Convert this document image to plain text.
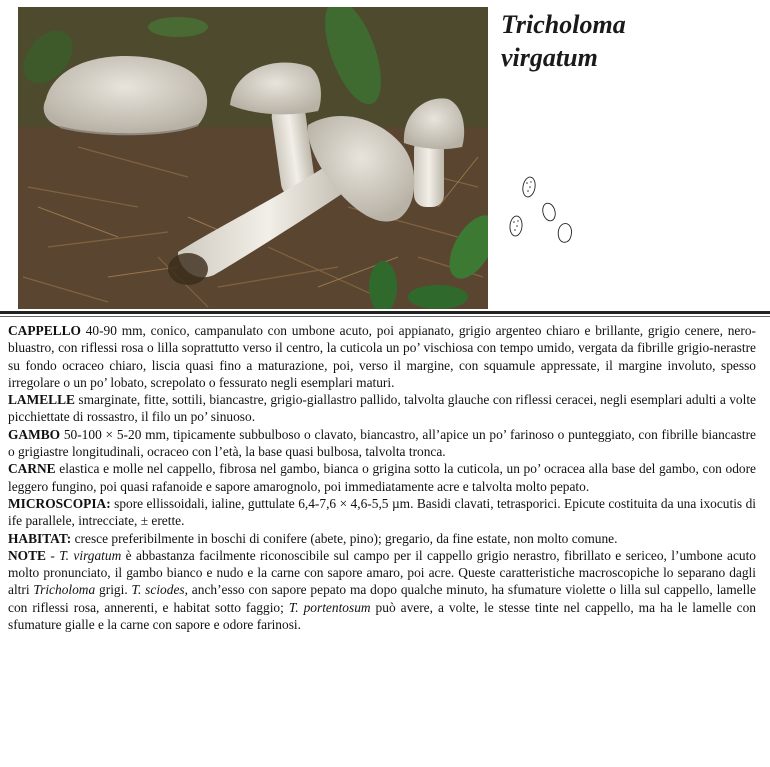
Tricholoma
virgatum

CAPPELLO 40-90 mm, conico, campanulato con umbone acuto, poi appianato, grigio argenteo chiaro e brillante, grigio cenere, nero-bluastro, con riflessi rosa o lilla soprattutto verso il centro, la cuticola un po’ vischiosa con tempo umido, vergata da fibrille grigio-nerastre su fondo ocraceo chiaro, liscia quasi fino a maturazione, poi, verso il margine, con squamule appressate, il margine involuto, spesso irregolare o un po’ lobato, screpolato o fessurato negli esemplari maturi.

LAMELLE smarginate, fitte, sottili, biancastre, grigio-giallastro pallido, talvolta glauche con riflessi ceracei, negli esemplari adulti a volte picchiettate di rossastro, il filo un po’ sinuoso.

GAMBO 50-100 × 5-20 mm, tipicamente subbulboso o clavato, biancastro, all’apice un po’ farinoso o punteggiato, con fibrille biancastre o grigiastre longitudinali, ocraceo con l’età, la base quasi bulbosa, talvolta tronca.

CARNE elastica e molle nel cappello, fibrosa nel gambo, bianca o grigina sotto la cuticola, un po’ ocracea alla base del gambo, con odore leggero fungino, poi quasi rafanoide e sapore amarognolo, poi immediatamente acre e talvolta molto pepato.

MICROSCOPIA: spore ellissoidali, ialine, guttulate 6,4-7,6 × 4,6-5,5 µm. Basidi clavati, tetrasporici. Epicute costituita da una ixocutis di ife parallele, intrecciate, ± erette.

HABITAT: cresce preferibilmente in boschi di conifere (abete, pino); gregario, da fine estate, non molto comune.

NOTE - T. virgatum è abbastanza facilmente riconoscibile sul campo per il cappello grigio nerastro, fibrillato e sericeo, l’umbone acuto molto pronunciato, il gambo bianco e nudo e la carne con sapore amaro, poi acre. Queste caratteristiche macroscopiche lo separano dagli altri Tricholoma grigi. T. sciodes, anch’esso con sapore pepato ma dopo qualche minuto, ha sfumature violette o lilla sul cappello, lamelle con riflessi rosa, annerenti, e habitat sotto faggio; T. portentosum può avere, a volte, le stesse tinte nel cappello, ma ha le lamelle con sfumature gialle e la carne con sapore e odore farinosi.
